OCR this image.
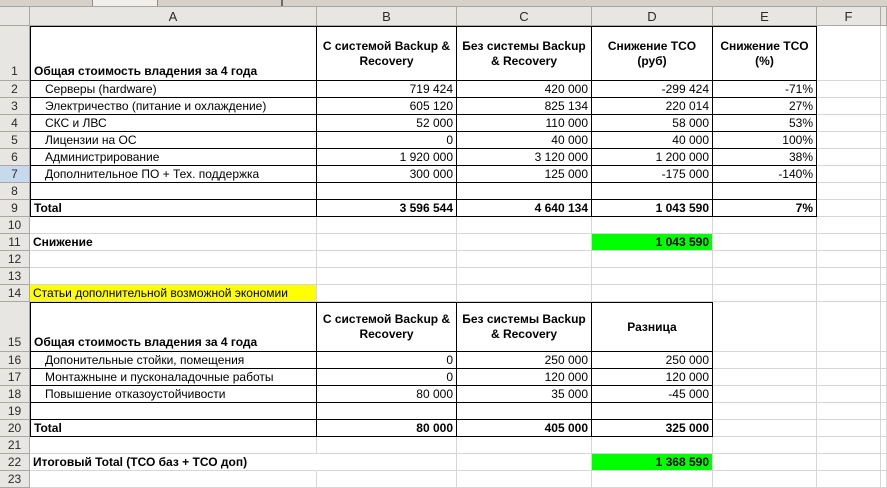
	A	B	C	D	E	F	
1	Общая стоимость владения за 4 года	С системой Backup & Recovery	Без системы Backup & Recovery	Снижение TCO (руб)	Снижение TCO (%)		
2	Серверы (hardware)	719 424	420 000	-299 424	-71%		
3	Электричество (питание и охлаждение)	605 120	825 134	220 014	27%		
4	СКС и ЛВС	52 000	110 000	58 000	53%		
5	Лицензии на ОС	0	40 000	40 000	100%		
6	Администрирование	1 920 000	3 120 000	1 200 000	38%		
7	Дополнительное ПО + Тех. поддержка	300 000	125 000	-175 000	-140%		
8							
9	Total	3 596 544	4 640 134	1 043 590	7%		
10							
11	Снижение			1 043 590			
12							
13							
14	Статьи дополнительной возможной экономии						
15	Общая стоимость владения за 4 года	С системой Backup & Recovery	Без системы Backup & Recovery	Разница			
16	Допонительные стойки, помещения	0	250 000	250 000			
17	Монтажныне и пусконаладочные работы	0	120 000	120 000			
18	Повышение отказоустойчивости	80 000	35 000	-45 000			
19							
20	Total	80 000	405 000	325 000			
21							
22	Итоговый Total (ТСО баз + ТСО доп)			1 368 590			
23							
